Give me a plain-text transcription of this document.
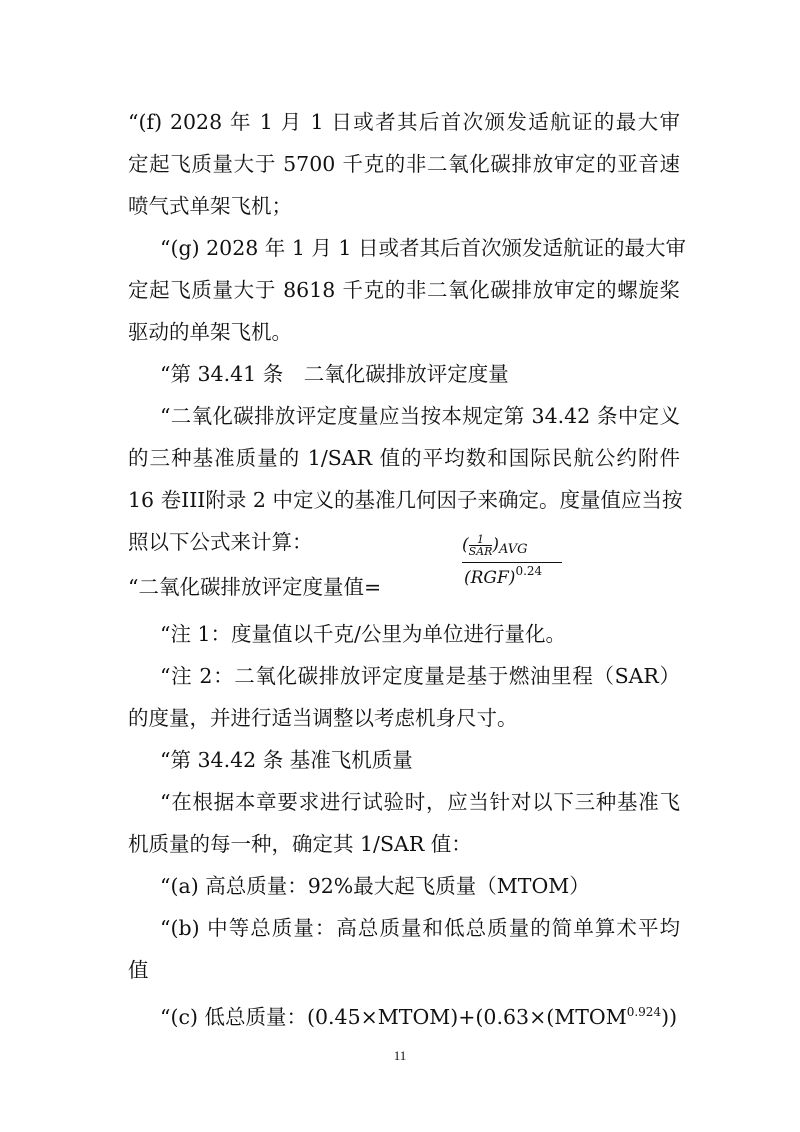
“(f) 2028 年 1 月 1 日或者其后首次颁发适航证的最大审
定起飞质量大于 5700 千克的非二氧化碳排放审定的亚音速
喷气式单架飞机；
“(g) 2028 年 1 月 1 日或者其后首次颁发适航证的最大审
定起飞质量大于 8618 千克的非二氧化碳排放审定的螺旋桨
驱动的单架飞机。
“第 34.41 条　二氧化碳排放评定度量
“二氧化碳排放评定度量应当按本规定第 34.42 条中定义
的三种基准质量的 1/SAR 值的平均数和国际民航公约附件
16 卷III附录 2 中定义的基准几何因子来确定。度量值应当按
照以下公式来计算：
“二氧化碳排放评定度量值=
( $\frac{1}{\text{SAR}} )_{AVG}$
(RGF)$^{0.24}$
“注 1：度量值以千克/公里为单位进行量化。
“注 2：二氧化碳排放评定度量是基于燃油里程（SAR）
的度量，并进行适当调整以考虑机身尺寸。
“第 34.42 条 基准飞机质量
“在根据本章要求进行试验时，应当针对以下三种基准飞
机质量的每一种，确定其 1/SAR 值：
“(a) 高总质量：92%最大起飞质量（MTOM）
“(b) 中等总质量：高总质量和低总质量的简单算术平均
值
“(c) 低总质量：$(0.45\times MTOM)+(0.63\times(MTOM^{0.924}))$
11
